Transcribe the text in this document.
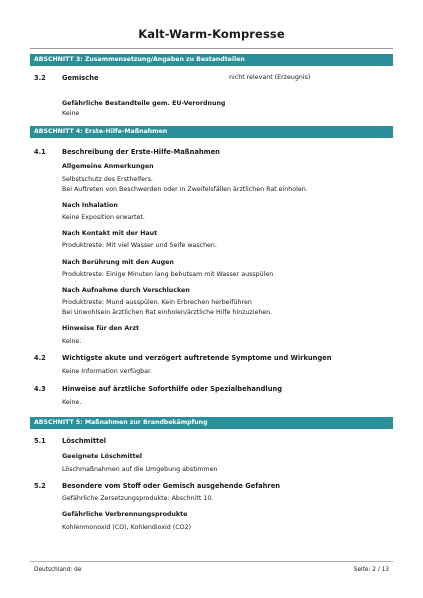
Kalt-Warm-Kompresse
ABSCHNITT 3: Zusammensetzung/Angaben zu Bestandteilen
3.2 Gemische	nicht relevant (Erzeugnis)
Gefährliche Bestandteile gem. EU-Verordnung
Keine
ABSCHNITT 4: Erste-Hilfe-Maßnahmen
4.1 Beschreibung der Erste-Hilfe-Maßnahmen
Allgemeine Anmerkungen
Selbstschutz des Ersthelfers.
Bei Auftreten von Beschwerden oder in Zweifelsfällen ärztlichen Rat einholen.
Nach Inhalation
Keine Exposition erwartet.
Nach Kontakt mit der Haut
Produktreste: Mit viel Wasser und Seife waschen.
Nach Berührung mit den Augen
Produktreste: Einige Minuten lang behutsam mit Wasser ausspülen
Nach Aufnahme durch Verschlucken
Produktreste: Mund ausspülen. Kein Erbrechen herbeiführen
Bei Unwohlsein ärztlichen Rat einholen/ärztliche Hilfe hinzuziehen.
Hinweise für den Arzt
Keine.
4.2 Wichtigste akute und verzögert auftretende Symptome und Wirkungen
Keine Information verfügbar.
4.3 Hinweise auf ärztliche Soforthilfe oder Spezialbehandlung
Keine.
ABSCHNITT 5: Maßnahmen zur Brandbekämpfung
5.1 Löschmittel
Geeignete Löschmittel
Löschmaßnahmen auf die Umgebung abstimmen
5.2 Besondere vom Stoff oder Gemisch ausgehende Gefahren
Gefährliche Zersetzungsprodukte: Abschnitt 10.
Gefährliche Verbrennungsprodukte
Kohlenmonoxid (CO), Kohlendioxid (CO2)
Deutschland: de	Seite: 2 / 13
